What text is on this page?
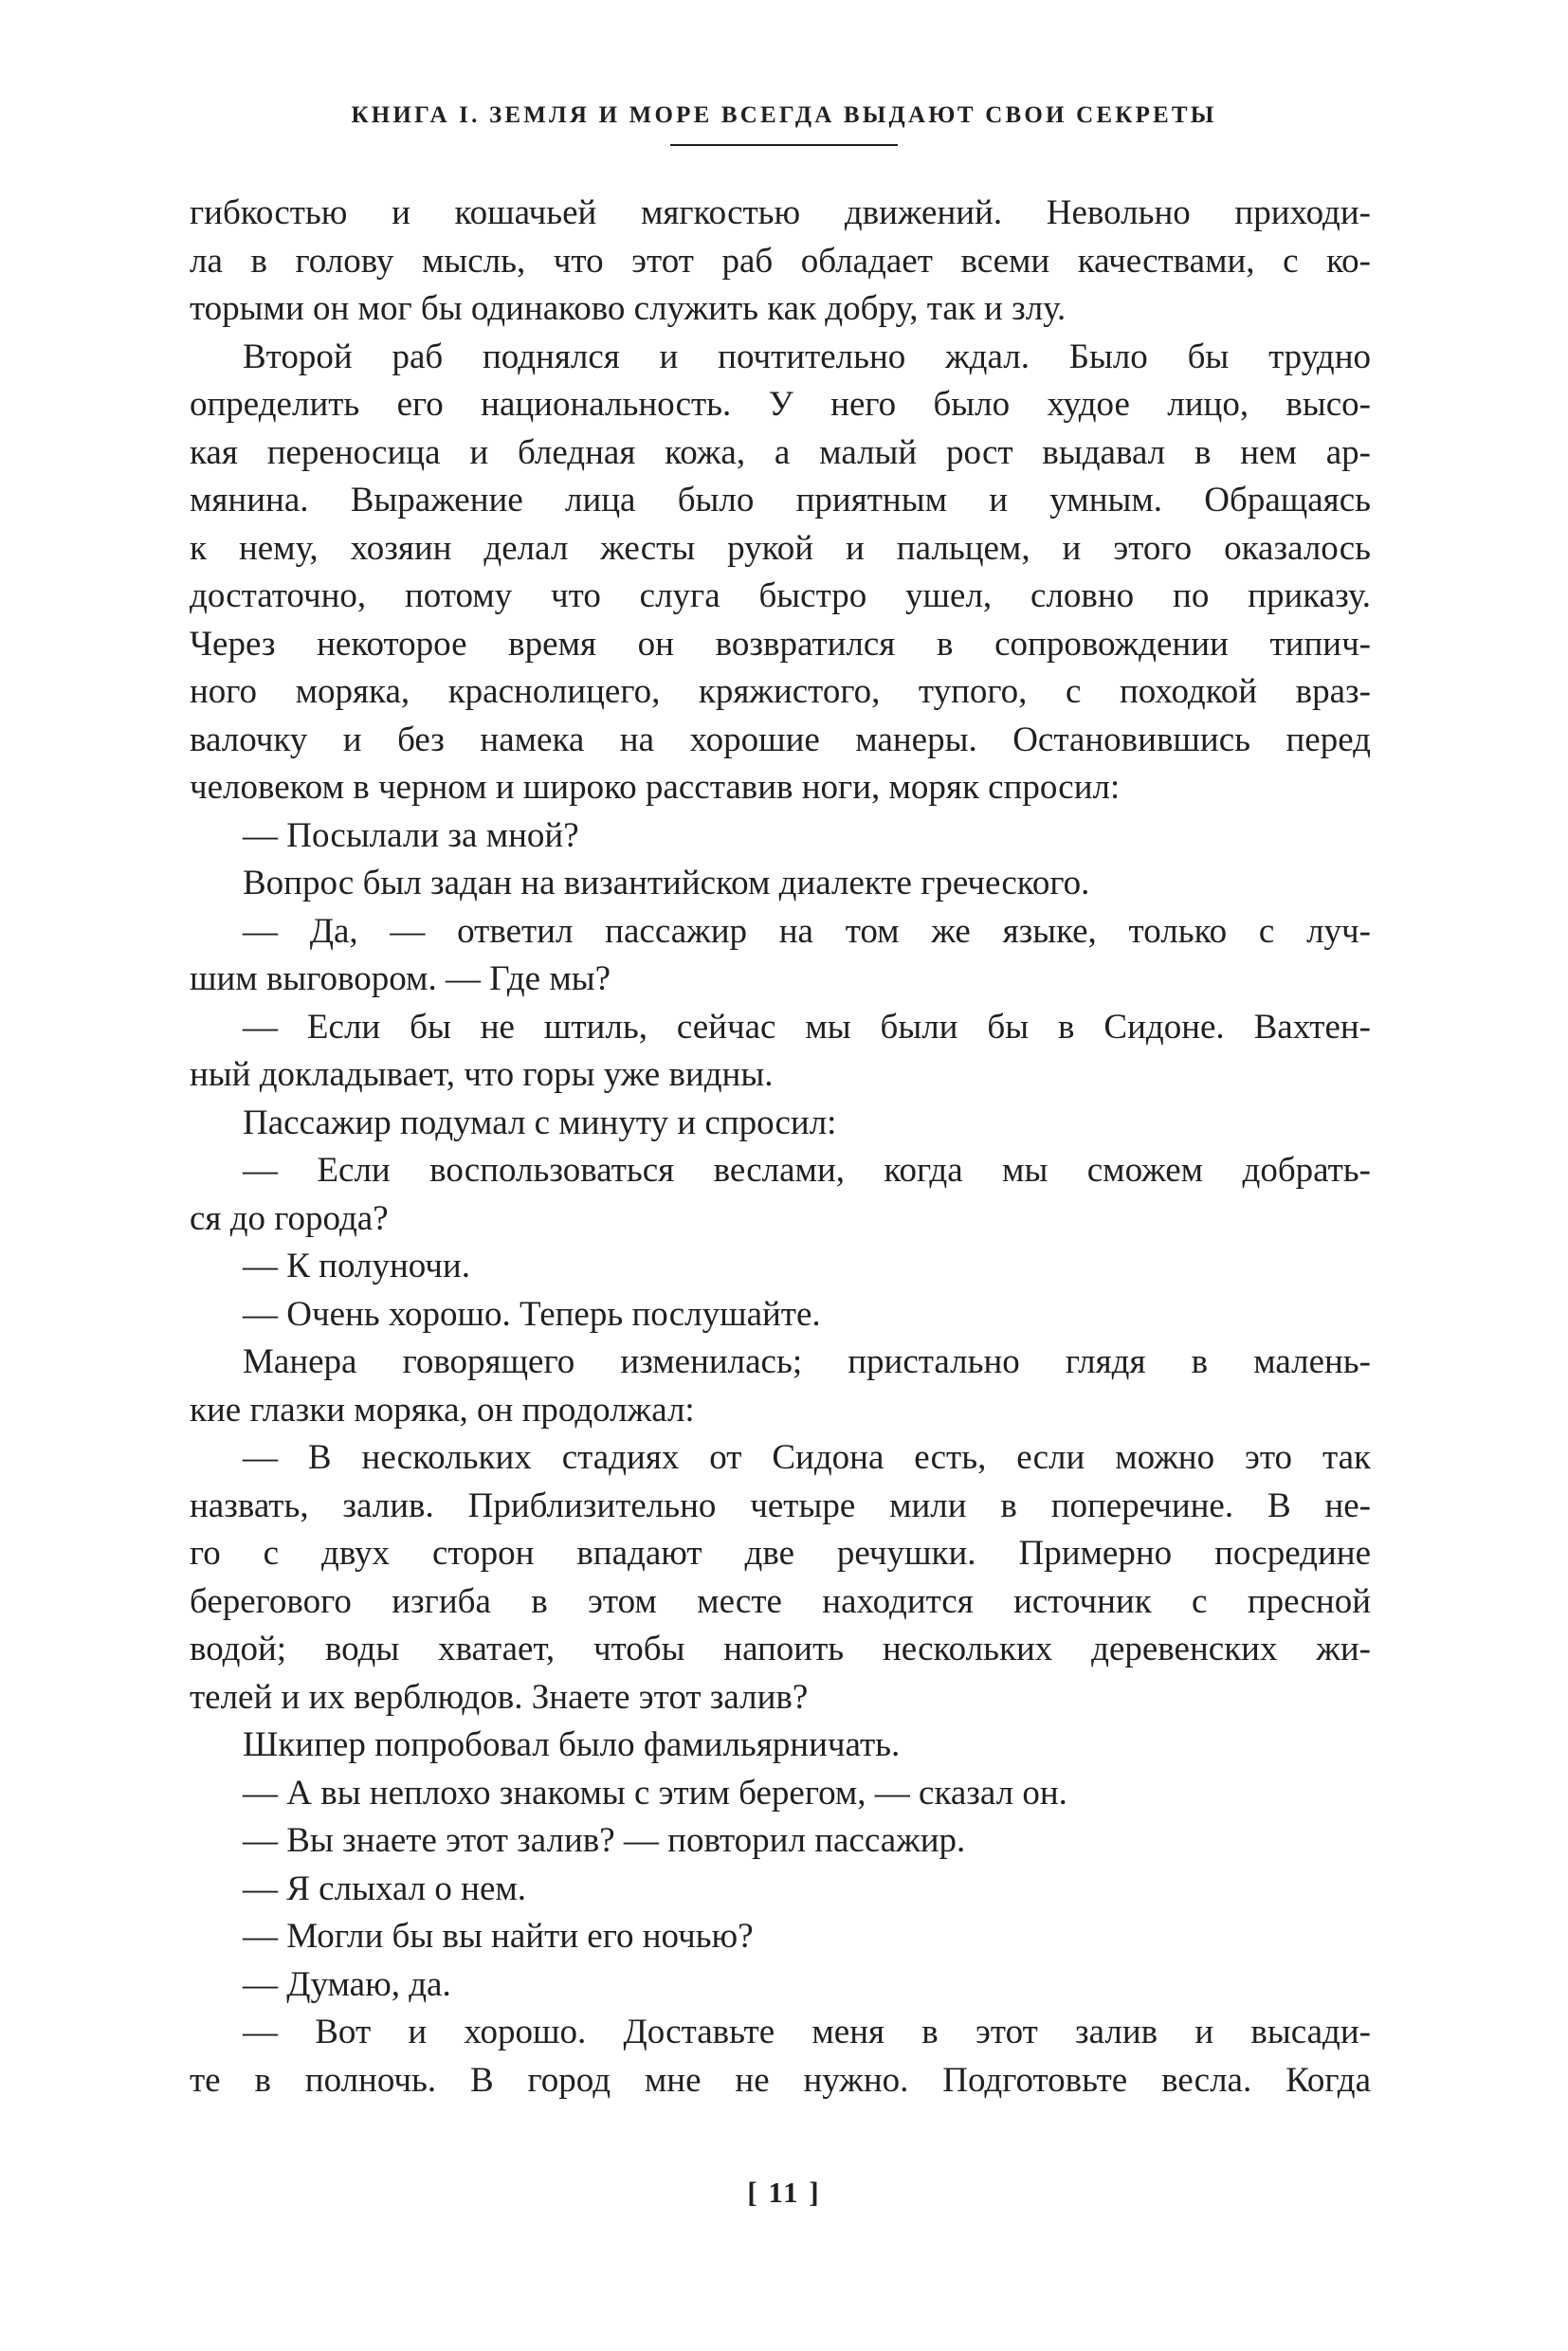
КНИГА I. ЗЕМЛЯ И МОРЕ ВСЕГДА ВЫДАЮТ СВОИ СЕКРЕТЫ
гибкостью и кошачьей мягкостью движений. Невольно приходи-
ла в голову мысль, что этот раб обладает всеми качествами, с ко-
торыми он мог бы одинаково служить как добру, так и злу.
Второй раб поднялся и почтительно ждал. Было бы трудно
определить его национальность. У него было худое лицо, высо-
кая переносица и бледная кожа, а малый рост выдавал в нем ар-
мянина. Выражение лица было приятным и умным. Обращаясь
к нему, хозяин делал жесты рукой и пальцем, и этого оказалось
достаточно, потому что слуга быстро ушел, словно по приказу.
Через некоторое время он возвратился в сопровождении типич-
ного моряка, краснолицего, кряжистого, тупого, с походкой враз-
валочку и без намека на хорошие манеры. Остановившись перед
человеком в черном и широко расставив ноги, моряк спросил:
— Посылали за мной?
Вопрос был задан на византийском диалекте греческого.
— Да, — ответил пассажир на том же языке, только с луч-
шим выговором. — Где мы?
— Если бы не штиль, сейчас мы были бы в Сидоне. Вахтен-
ный докладывает, что горы уже видны.
Пассажир подумал с минуту и спросил:
— Если воспользоваться веслами, когда мы сможем добрать-
ся до города?
— К полуночи.
— Очень хорошо. Теперь послушайте.
Манера говорящего изменилась; пристально глядя в малень-
кие глазки моряка, он продолжал:
— В нескольких стадиях от Сидона есть, если можно это так
назвать, залив. Приблизительно четыре мили в поперечине. В не-
го с двух сторон впадают две речушки. Примерно посредине
берегового изгиба в этом месте находится источник с пресной
водой; воды хватает, чтобы напоить нескольких деревенских жи-
телей и их верблюдов. Знаете этот залив?
Шкипер попробовал было фамильярничать.
— А вы неплохо знакомы с этим берегом, — сказал он.
— Вы знаете этот залив? — повторил пассажир.
— Я слыхал о нем.
— Могли бы вы найти его ночью?
— Думаю, да.
— Вот и хорошо. Доставьте меня в этот залив и высади-
те в полночь. В город мне не нужно. Подготовьте весла. Когда
[ 11 ]
